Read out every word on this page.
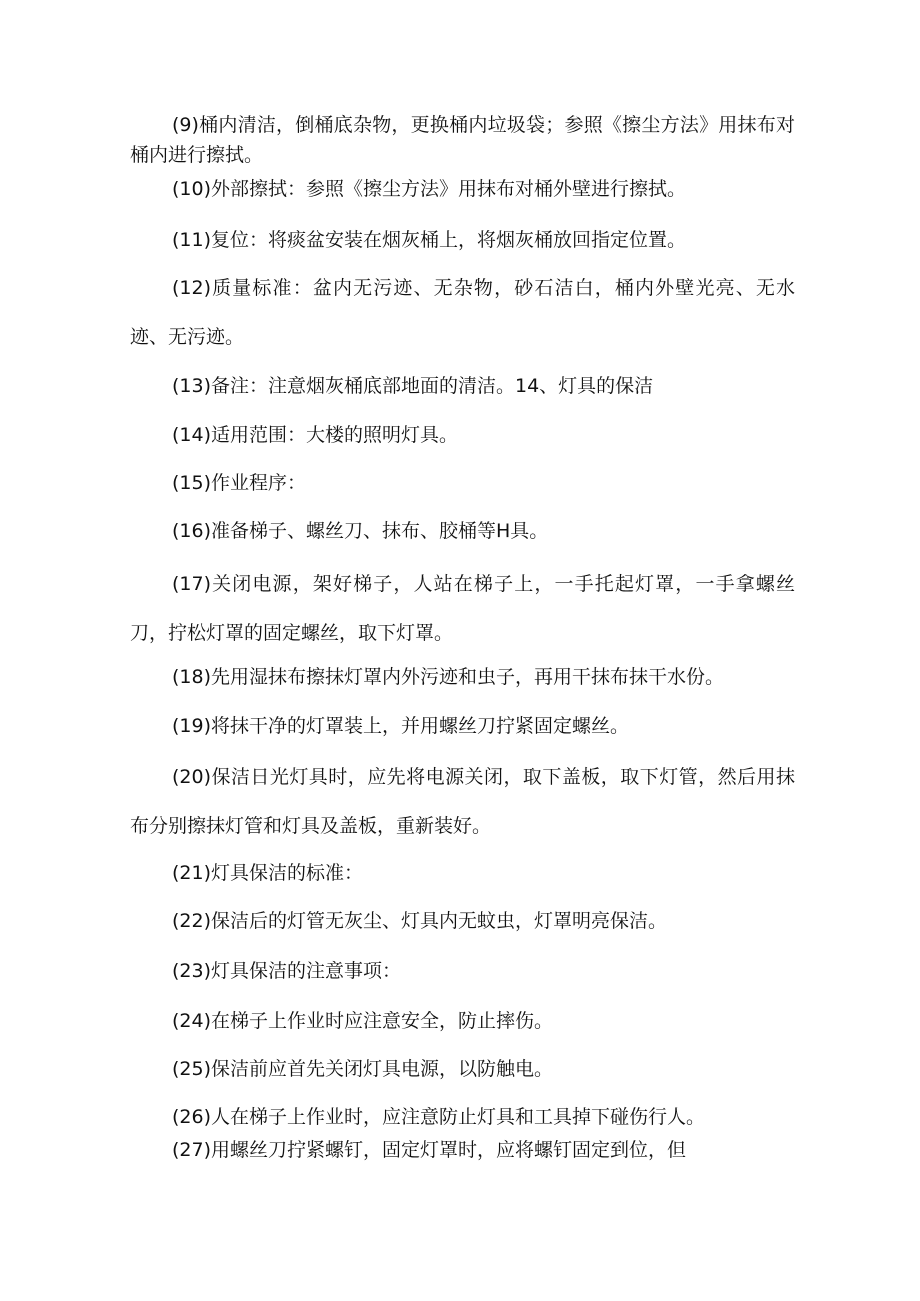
(9)桶内清洁，倒桶底杂物，更换桶内垃圾袋；参照《擦尘方法》用抹布对桶内进行擦拭。

(10)外部擦拭：参照《擦尘方法》用抹布对桶外壁进行擦拭。

(11)复位：将痰盆安装在烟灰桶上，将烟灰桶放回指定位置。

(12)质量标准：盆内无污迹、无杂物，砂石洁白，桶内外壁光亮、无水迹、无污迹。

(13)备注：注意烟灰桶底部地面的清洁。14、灯具的保洁

(14)适用范围：大楼的照明灯具。

(15)作业程序：

(16)准备梯子、螺丝刀、抹布、胶桶等Η具。

(17)关闭电源，架好梯子，人站在梯子上，一手托起灯罩，一手拿螺丝刀，拧松灯罩的固定螺丝，取下灯罩。

(18)先用湿抹布擦抹灯罩内外污迹和虫子，再用干抹布抹干水份。

(19)将抹干净的灯罩装上，并用螺丝刀拧紧固定螺丝。

(20)保洁日光灯具时，应先将电源关闭，取下盖板，取下灯管，然后用抹布分别擦抹灯管和灯具及盖板，重新装好。

(21)灯具保洁的标准：

(22)保洁后的灯管无灰尘、灯具内无蚊虫，灯罩明亮保洁。

(23)灯具保洁的注意事项：

(24)在梯子上作业时应注意安全，防止摔伤。

(25)保洁前应首先关闭灯具电源，以防触电。

(26)人在梯子上作业时，应注意防止灯具和工具掉下碰伤行人。

(27)用螺丝刀拧紧螺钉，固定灯罩时，应将螺钉固定到位，但
